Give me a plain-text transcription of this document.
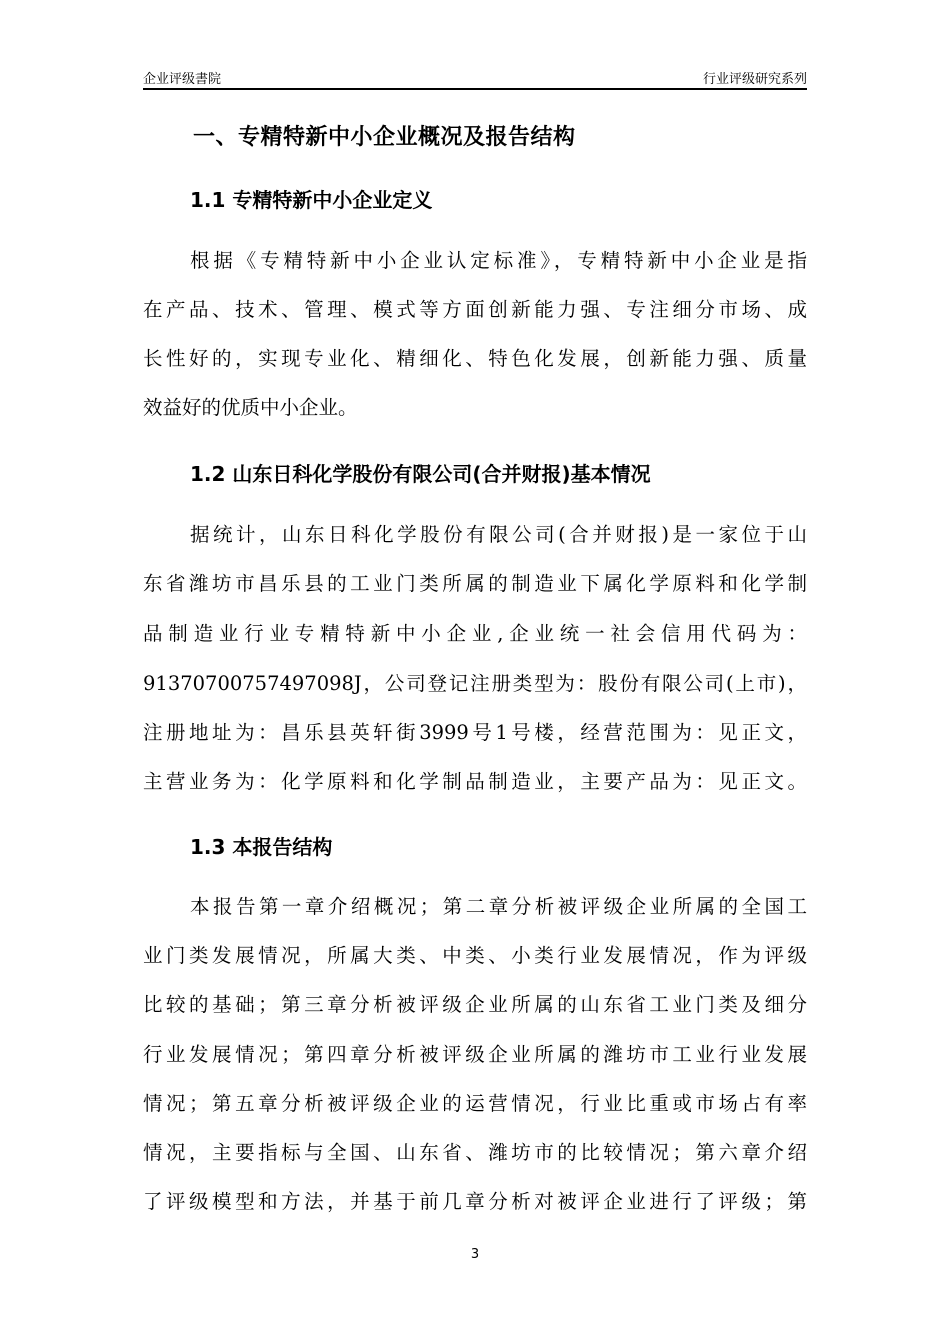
企业评级書院	行业评级研究系列
一、专精特新中小企业概况及报告结构
1.1 专精特新中小企业定义
根据《专精特新中小企业认定标准》，专精特新中小企业是指
在产品、技术、管理、模式等方面创新能力强、专注细分市场、成
长性好的，实现专业化、精细化、特色化发展，创新能力强、质量
效益好的优质中小企业。
1.2 山东日科化学股份有限公司(合并财报)基本情况
据统计，山东日科化学股份有限公司(合并财报)是一家位于山
东省潍坊市昌乐县的工业门类所属的制造业下属化学原料和化学制
品制造业行业专精特新中小企业,企业统一社会信用代码为：
91370700757497098J，公司登记注册类型为：股份有限公司(上市)，
注册地址为：昌乐县英轩街3999号1号楼，经营范围为：见正文，
主营业务为：化学原料和化学制品制造业，主要产品为：见正文。
1.3 本报告结构
本报告第一章介绍概况；第二章分析被评级企业所属的全国工
业门类发展情况，所属大类、中类、小类行业发展情况，作为评级
比较的基础；第三章分析被评级企业所属的山东省工业门类及细分
行业发展情况；第四章分析被评级企业所属的潍坊市工业行业发展
情况；第五章分析被评级企业的运营情况，行业比重或市场占有率
情况，主要指标与全国、山东省、潍坊市的比较情况；第六章介绍
了评级模型和方法，并基于前几章分析对被评企业进行了评级；第
3
